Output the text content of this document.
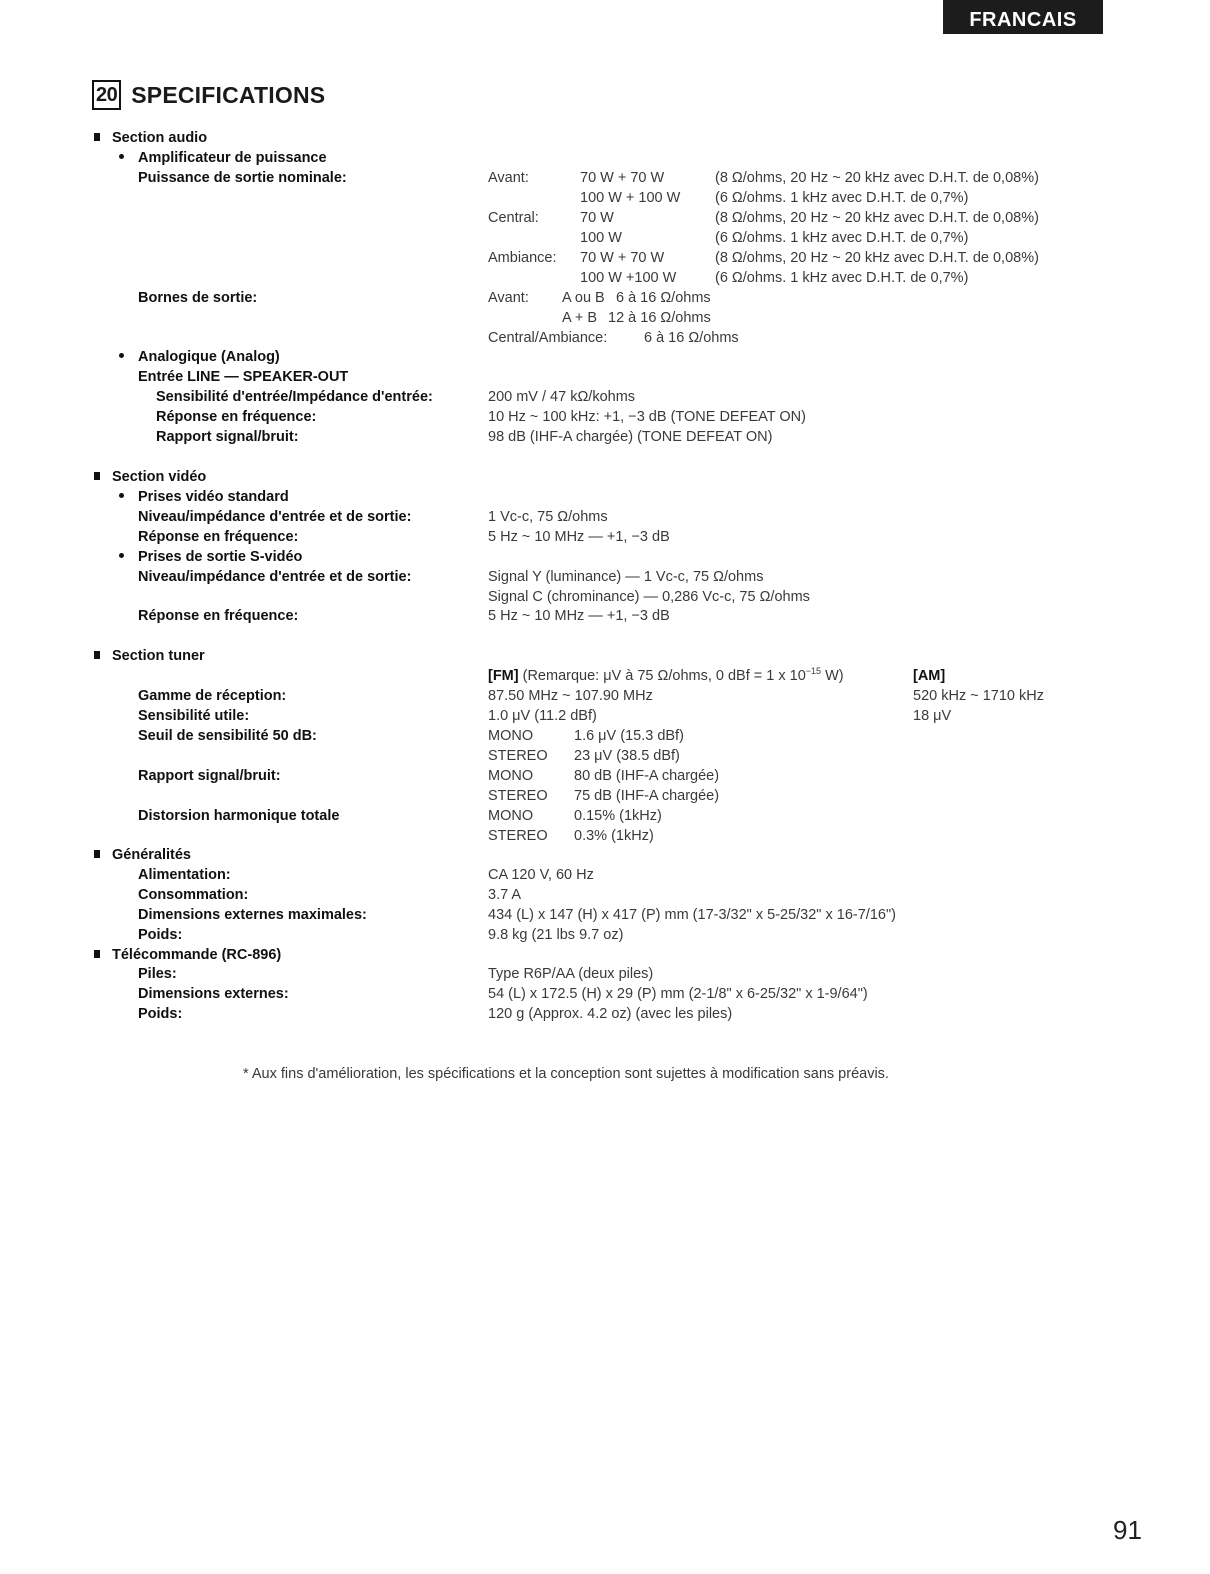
FRANCAIS
20 SPECIFICATIONS
Section audio
Amplificateur de puissance
Puissance de sortie nominale:	Avant:	70 W + 70 W	(8 Ω/ohms, 20 Hz ~ 20 kHz avec D.H.T. de 0,08%)
100 W + 100 W (6 Ω/ohms. 1 kHz avec D.H.T. de 0,7%)
Central:	70 W	(8 Ω/ohms, 20 Hz ~ 20 kHz avec D.H.T. de 0,08%)
100 W	(6 Ω/ohms. 1 kHz avec D.H.T. de 0,7%)
Ambiance: 70 W + 70 W	(8 Ω/ohms, 20 Hz ~ 20 kHz avec D.H.T. de 0,08%)
100 W +100 W	(6 Ω/ohms. 1 kHz avec D.H.T. de 0,7%)
Bornes de sortie:	Avant: A ou B 6 à 16 Ω/ohms
A + B 12 à 16 Ω/ohms
Central/Ambiance:	6 à 16 Ω/ohms
Analogique (Analog)
Entrée LINE — SPEAKER-OUT
Sensibilité d'entrée/Impédance d'entrée:	200 mV / 47 kΩ/kohms
Réponse en fréquence:	10 Hz ~ 100 kHz: +1, −3 dB (TONE DEFEAT ON)
Rapport signal/bruit:	98 dB (IHF-A chargée) (TONE DEFEAT ON)
Section vidéo
Prises vidéo standard
Niveau/impédance d'entrée et de sortie:	1 Vc-c, 75 Ω/ohms
Réponse en fréquence:	5 Hz ~ 10 MHz — +1, −3 dB
Prises de sortie S-vidéo
Niveau/impédance d'entrée et de sortie:	Signal Y (luminance) — 1 Vc-c, 75 Ω/ohms
Signal C (chrominance) — 0,286 Vc-c, 75 Ω/ohms
Réponse en fréquence:	5 Hz ~ 10 MHz — +1, −3 dB
Section tuner
[FM] (Remarque: μV à 75 Ω/ohms, 0 dBf = 1 x $10^{-15}$ W)	[AM]
Gamme de réception:	87.50 MHz ~ 107.90 MHz	520 kHz ~ 1710 kHz
Sensibilité utile:	1.0 μV (11.2 dBf)	18 μV
Seuil de sensibilité 50 dB:	MONO	1.6 μV (15.3 dBf)
STEREO 23 μV (38.5 dBf)
Rapport signal/bruit:	MONO	80 dB (IHF-A chargée)
STEREO 75 dB (IHF-A chargée)
Distorsion harmonique totale	MONO	0.15% (1kHz)
STEREO 0.3% (1kHz)
Généralités
Alimentation:	CA 120 V, 60 Hz
Consommation:	3.7 A
Dimensions externes maximales:	434 (L) x 147 (H) x 417 (P) mm (17-3/32" x 5-25/32" x 16-7/16")
Poids:	9.8 kg (21 lbs 9.7 oz)
Télécommande (RC-896)
Piles:	Type R6P/AA (deux piles)
Dimensions externes:	54 (L) x 172.5 (H) x 29 (P) mm (2-1/8" x 6-25/32" x 1-9/64")
Poids:	120 g (Approx. 4.2 oz) (avec les piles)
* Aux fins d'amélioration, les spécifications et la conception sont sujettes à modification sans préavis.
91
